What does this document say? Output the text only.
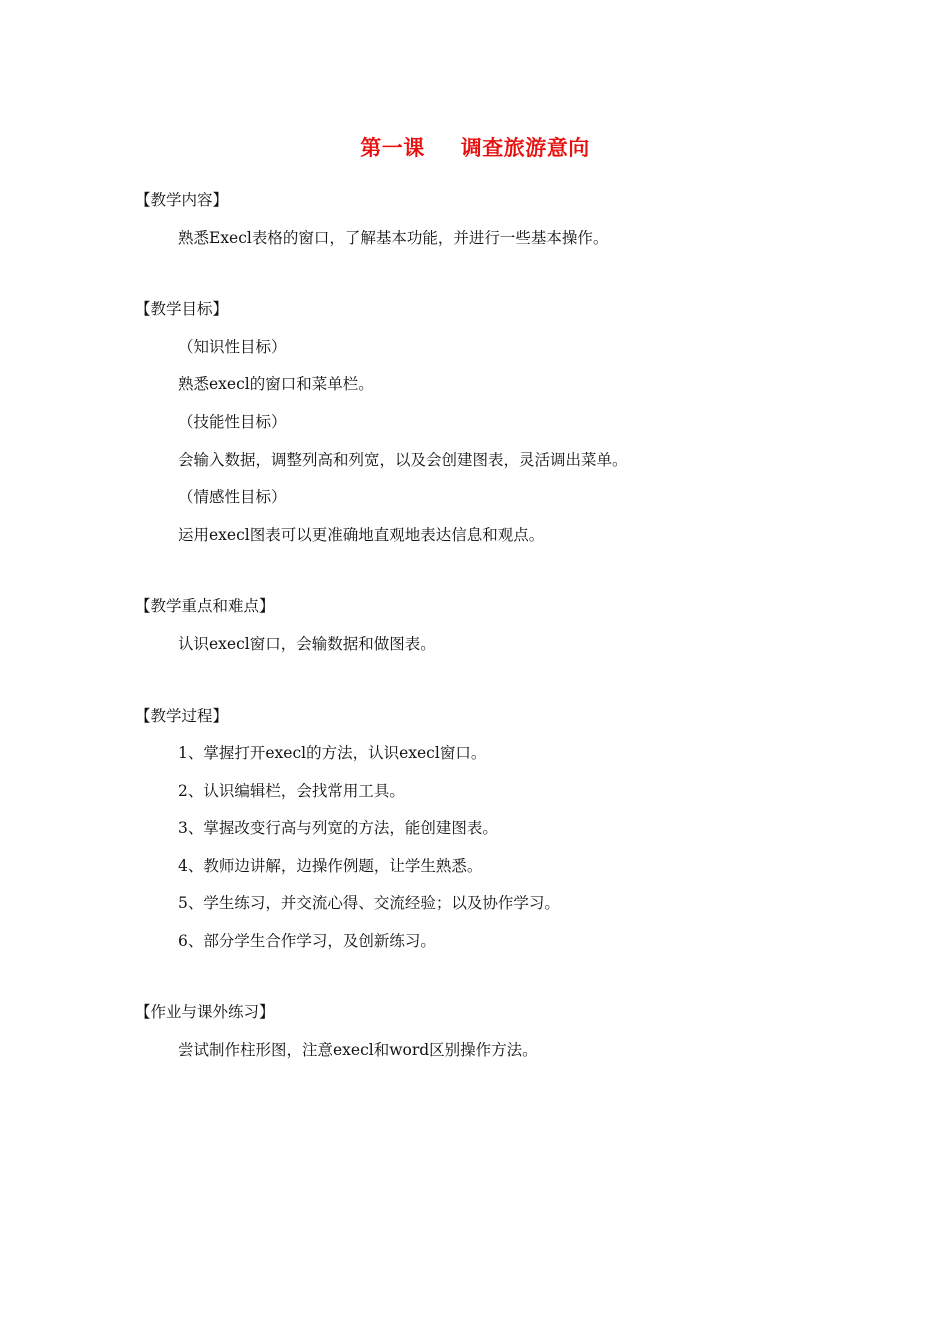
第一课 调查旅游意向
【教学内容】
熟悉Execl表格的窗口，了解基本功能，并进行一些基本操作。
【教学目标】
（知识性目标）
熟悉execl的窗口和菜单栏。
（技能性目标）
会输入数据，调整列高和列宽，以及会创建图表，灵活调出菜单。
（情感性目标）
运用execl图表可以更准确地直观地表达信息和观点。
【教学重点和难点】
认识execl窗口，会输数据和做图表。
【教学过程】
1、掌握打开execl的方法，认识execl窗口。
2、认识编辑栏，会找常用工具。
3、掌握改变行高与列宽的方法，能创建图表。
4、教师边讲解，边操作例题，让学生熟悉。
5、学生练习，并交流心得、交流经验；以及协作学习。
6、部分学生合作学习，及创新练习。
【作业与课外练习】
尝试制作柱形图，注意execl和word区别操作方法。
